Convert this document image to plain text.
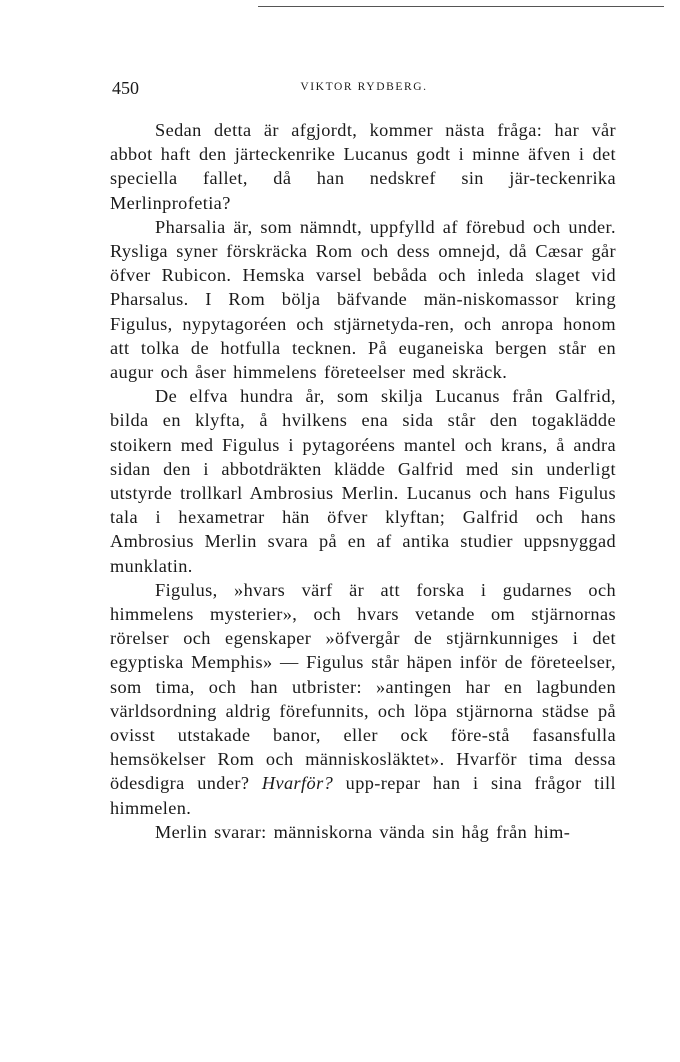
450	VIKTOR RYDBERG.

Sedan detta är afgjordt, kommer nästa fråga: har vår abbot haft den järteckenrike Lucanus godt i minne äfven i det speciella fallet, då han nedskref sin jär-teckenrika Merlinprofetia?

Pharsalia är, som nämndt, uppfylld af förebud och under. Rysliga syner förskräcka Rom och dess omnejd, då Cæsar går öfver Rubicon. Hemska varsel bebåda och inleda slaget vid Pharsalus. I Rom bölja bäfvande män-niskomassor kring Figulus, nypytagoréen och stjärnetyda-ren, och anropa honom att tolka de hotfulla tecknen. På euganeiska bergen står en augur och åser himmelens företeelser med skräck.

De elfva hundra år, som skilja Lucanus från Galfrid, bilda en klyfta, å hvilkens ena sida står den togaklädde stoikern med Figulus i pytagoréens mantel och krans, å andra sidan den i abbotdräkten klädde Galfrid med sin underligt utstyrde trollkarl Ambrosius Merlin. Lucanus och hans Figulus tala i hexametrar hän öfver klyftan; Galfrid och hans Ambrosius Merlin svara på en af antika studier uppsnyggad munklatin.

Figulus, »hvars värf är att forska i gudarnes och himmelens mysterier», och hvars vetande om stjärnornas rörelser och egenskaper »öfvergår de stjärnkunniges i det egyptiska Memphis» — Figulus står häpen inför de företeelser, som tima, och han utbrister: »antingen har en lagbunden världsordning aldrig förefunnits, och löpa stjärnorna städse på ovisst utstakade banor, eller ock före-stå fasansfulla hemsökelser Rom och människosläktet». Hvarför tima dessa ödesdigra under? Hvarför? upp-repar han i sina frågor till himmelen.

Merlin svarar: människorna vända sin håg från him-
